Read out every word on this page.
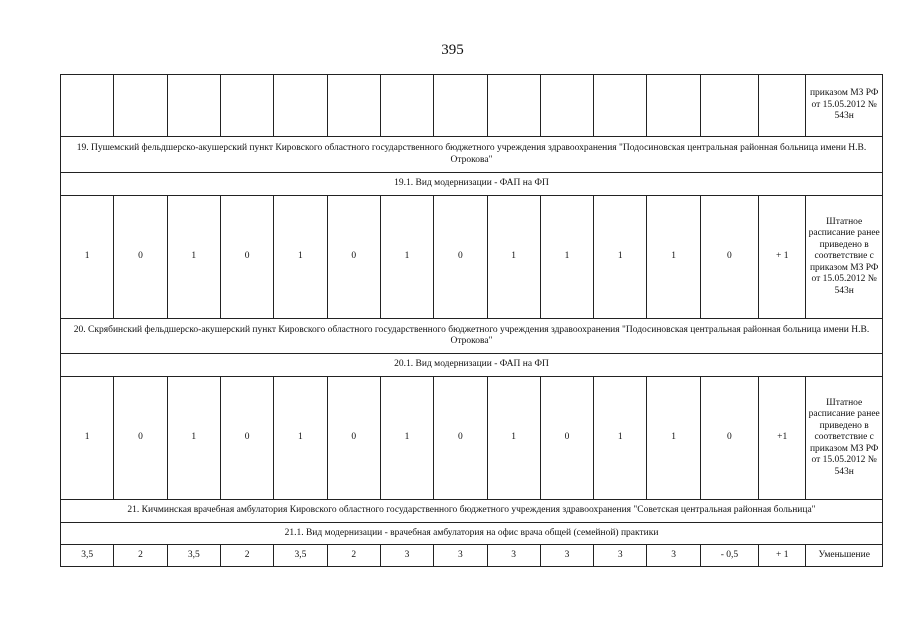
395
														приказом МЗ РФ от 15.05.2012 № 543н
19. Пушемский фельдшерско-акушерский пункт Кировского областного государственного бюджетного учреждения здравоохранения "Подосиновская центральная районная больница имени Н.В. Отрокова"														
19.1. Вид модернизации - ФАП на ФП														
1	0	1	0	1	0	1	0	1	1	1	1	0	+ 1	Штатное расписание ранее приведено в соответствие с приказом МЗ РФ от 15.05.2012 № 543н
20. Скрябинский фельдшерско-акушерский пункт Кировского областного государственного бюджетного учреждения здравоохранения "Подосиновская центральная районная больница имени Н.В. Отрокова"														
20.1. Вид модернизации - ФАП на ФП														
1	0	1	0	1	0	1	0	1	0	1	1	0	+1	Штатное расписание ранее приведено в соответствие с приказом МЗ РФ от 15.05.2012 № 543н
21. Кичминская врачебная амбулатория Кировского областного государственного бюджетного учреждения здравоохранения "Советская центральная районная больница"														
21.1. Вид модернизации - врачебная амбулатория на офис врача общей (семейной) практики														
3,5	2	3,5	2	3,5	2	3	3	3	3	3	3	- 0,5	+ 1	Уменьшение
